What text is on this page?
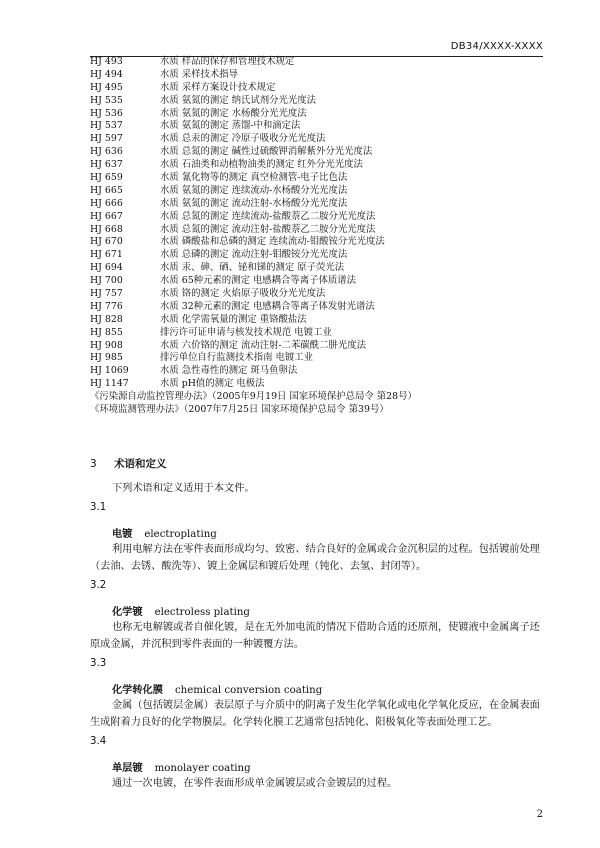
DB34/XXXX-XXXX
HJ 493	水质 样品的保存和管理技术规定
HJ 494	水质 采样技术指导
HJ 495	水质 采样方案设计技术规定
HJ 535	水质 氨氮的测定 纳氏试剂分光光度法
HJ 536	水质 氨氮的测定 水杨酸分光光度法
HJ 537	水质 氨氮的测定 蒸馏-中和滴定法
HJ 597	水质 总汞的测定 冷原子吸收分光光度法
HJ 636	水质 总氮的测定 碱性过硫酸钾消解紫外分光光度法
HJ 637	水质 石油类和动植物油类的测定 红外分光光度法
HJ 659	水质 氰化物等的测定 真空检测管-电子比色法
HJ 665	水质 氨氮的测定 连续流动-水杨酸分光光度法
HJ 666	水质 氨氮的测定 流动注射-水杨酸分光光度法
HJ 667	水质 总氮的测定 连续流动-盐酸萘乙二胺分光光度法
HJ 668	水质 总氮的测定 流动注射-盐酸萘乙二胺分光光度法
HJ 670	水质 磷酸盐和总磷的测定 连续流动-钼酸铵分光光度法
HJ 671	水质 总磷的测定 流动注射-钼酸铵分光光度法
HJ 694	水质 汞、砷、硒、铋和锑的测定 原子荧光法
HJ 700	水质 65种元素的测定 电感耦合等离子体质谱法
HJ 757	水质 铬的测定 火焰原子吸收分光光度法
HJ 776	水质 32种元素的测定 电感耦合等离子体发射光谱法
HJ 828	水质 化学需氧量的测定 重铬酸盐法
HJ 855	排污许可证申请与核发技术规范 电镀工业
HJ 908	水质 六价铬的测定 流动注射-二苯碳酰二肼光度法
HJ 985	排污单位自行监测技术指南 电镀工业
HJ 1069	水质 急性毒性的测定 斑马鱼卵法
HJ 1147	水质 pH值的测定 电极法
《污染源自动监控管理办法》（2005年9月19日 国家环境保护总局令 第28号）
《环境监测管理办法》（2007年7月25日 国家环境保护总局令 第39号）
3 术语和定义
下列术语和定义适用于本文件。
3.1
电镀 electroplating
利用电解方法在零件表面形成均匀、致密、结合良好的金属或合金沉积层的过程。包括镀前处理（去油、去锈、酸洗等）、镀上金属层和镀后处理（钝化、去氢、封闭等）。
3.2
化学镀 electroless plating
也称无电解镀或者自催化镀，是在无外加电流的情况下借助合适的还原剂，使镀液中金属离子还原成金属，并沉积到零件表面的一种镀覆方法。
3.3
化学转化膜 chemical conversion coating
金属（包括镀层金属）表层原子与介质中的阴离子发生化学氧化或电化学氧化反应，在金属表面生成附着力良好的化学物膜层。化学转化膜工艺通常包括钝化、阳极氧化等表面处理工艺。
3.4
单层镀 monolayer coating
通过一次电镀，在零件表面形成单金属镀层或合金镀层的过程。
2
